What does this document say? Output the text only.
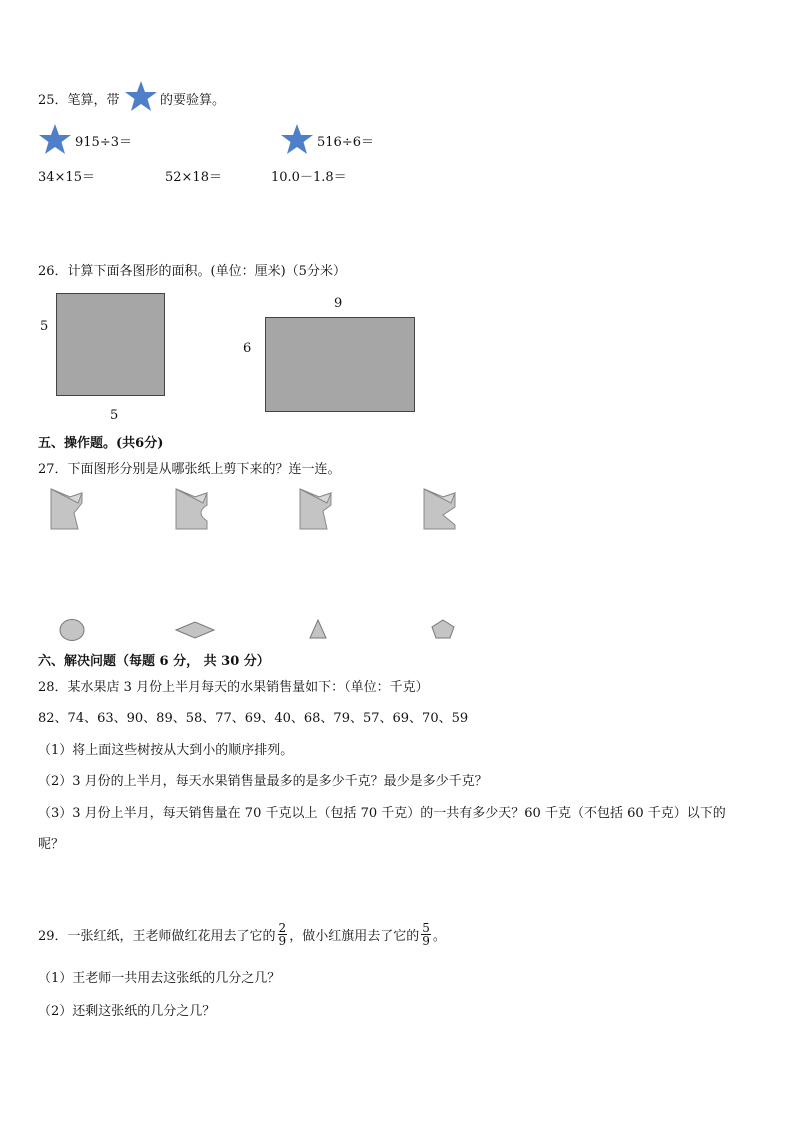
25．笔算，带	的要验算。
915÷3＝	516÷6＝
34×15＝	52×18＝	10.0－1.8＝
26．计算下面各图形的面积。(单位：厘米)（5分米）
5
5
9
6
五、操作题。(共6分)
27．下面图形分别是从哪张纸上剪下来的？连一连。
六、解决问题（每题 6 分， 共 30 分）
28．某水果店 3 月份上半月每天的水果销售量如下：（单位：千克）
82、74、63、90、89、58、77、69、40、68、79、57、69、70、59
（1）将上面这些树按从大到小的顺序排列。
（2）3 月份的上半月，每天水果销售量最多的是多少千克？最少是多少千克？
（3）3 月份上半月，每天销售量在 70 千克以上（包括 70 千克）的一共有多少天？60 千克（不包括 60 千克）以下的
呢？
29．一张红纸，王老师做红花用去了它的 $\frac{2}{9}$ ，做小红旗用去了它的 $\frac{5}{9}$ 。
（1）王老师一共用去这张纸的几分之几？
（2）还剩这张纸的几分之几？
